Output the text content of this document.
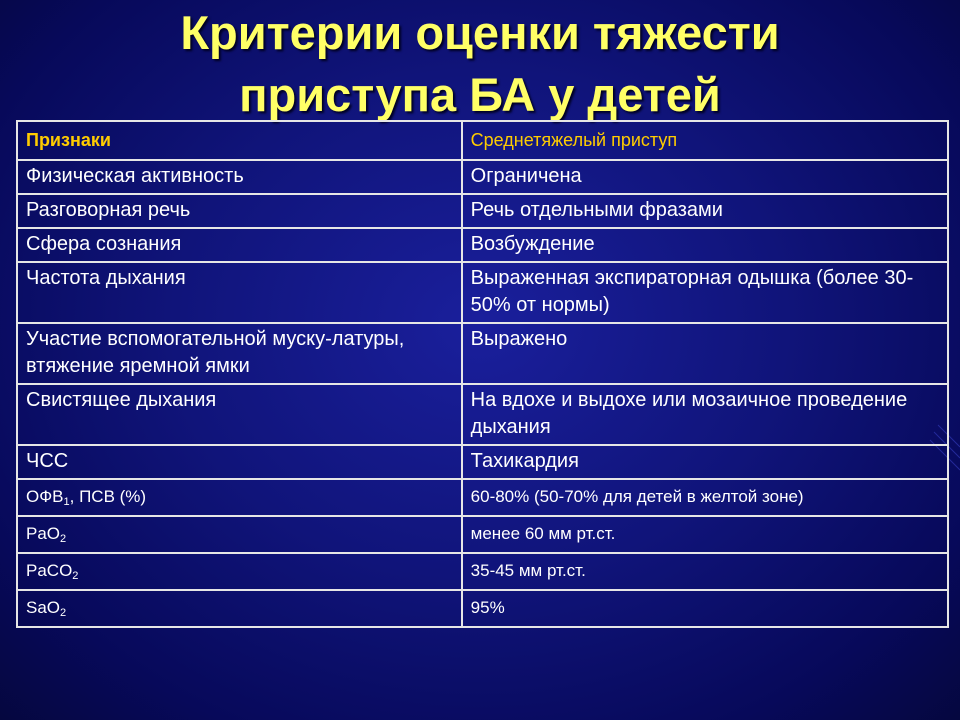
Критерии оценки тяжести
приступа БА у детей
Признаки	Среднетяжелый приступ
Физическая активность	Ограничена
Разговорная речь	Речь отдельными фразами
Сфера сознания	Возбуждение
Частота дыхания	Выраженная экспираторная одышка (более 30-50% от нормы)
Участие вспомогательной муску-латуры, втяжение яремной ямки	Выражено
Свистящее дыхания	На вдохе и выдохе или мозаичное проведение дыхания
ЧСС	Тахикардия
$ОФВ_1$, ПСВ (%)	60-80% (50-70% для детей в желтой зоне)
PaO$_2$	менее 60 мм рт.ст.
PaCO$_2$	35-45 мм рт.ст.
SaO$_2$	95%
